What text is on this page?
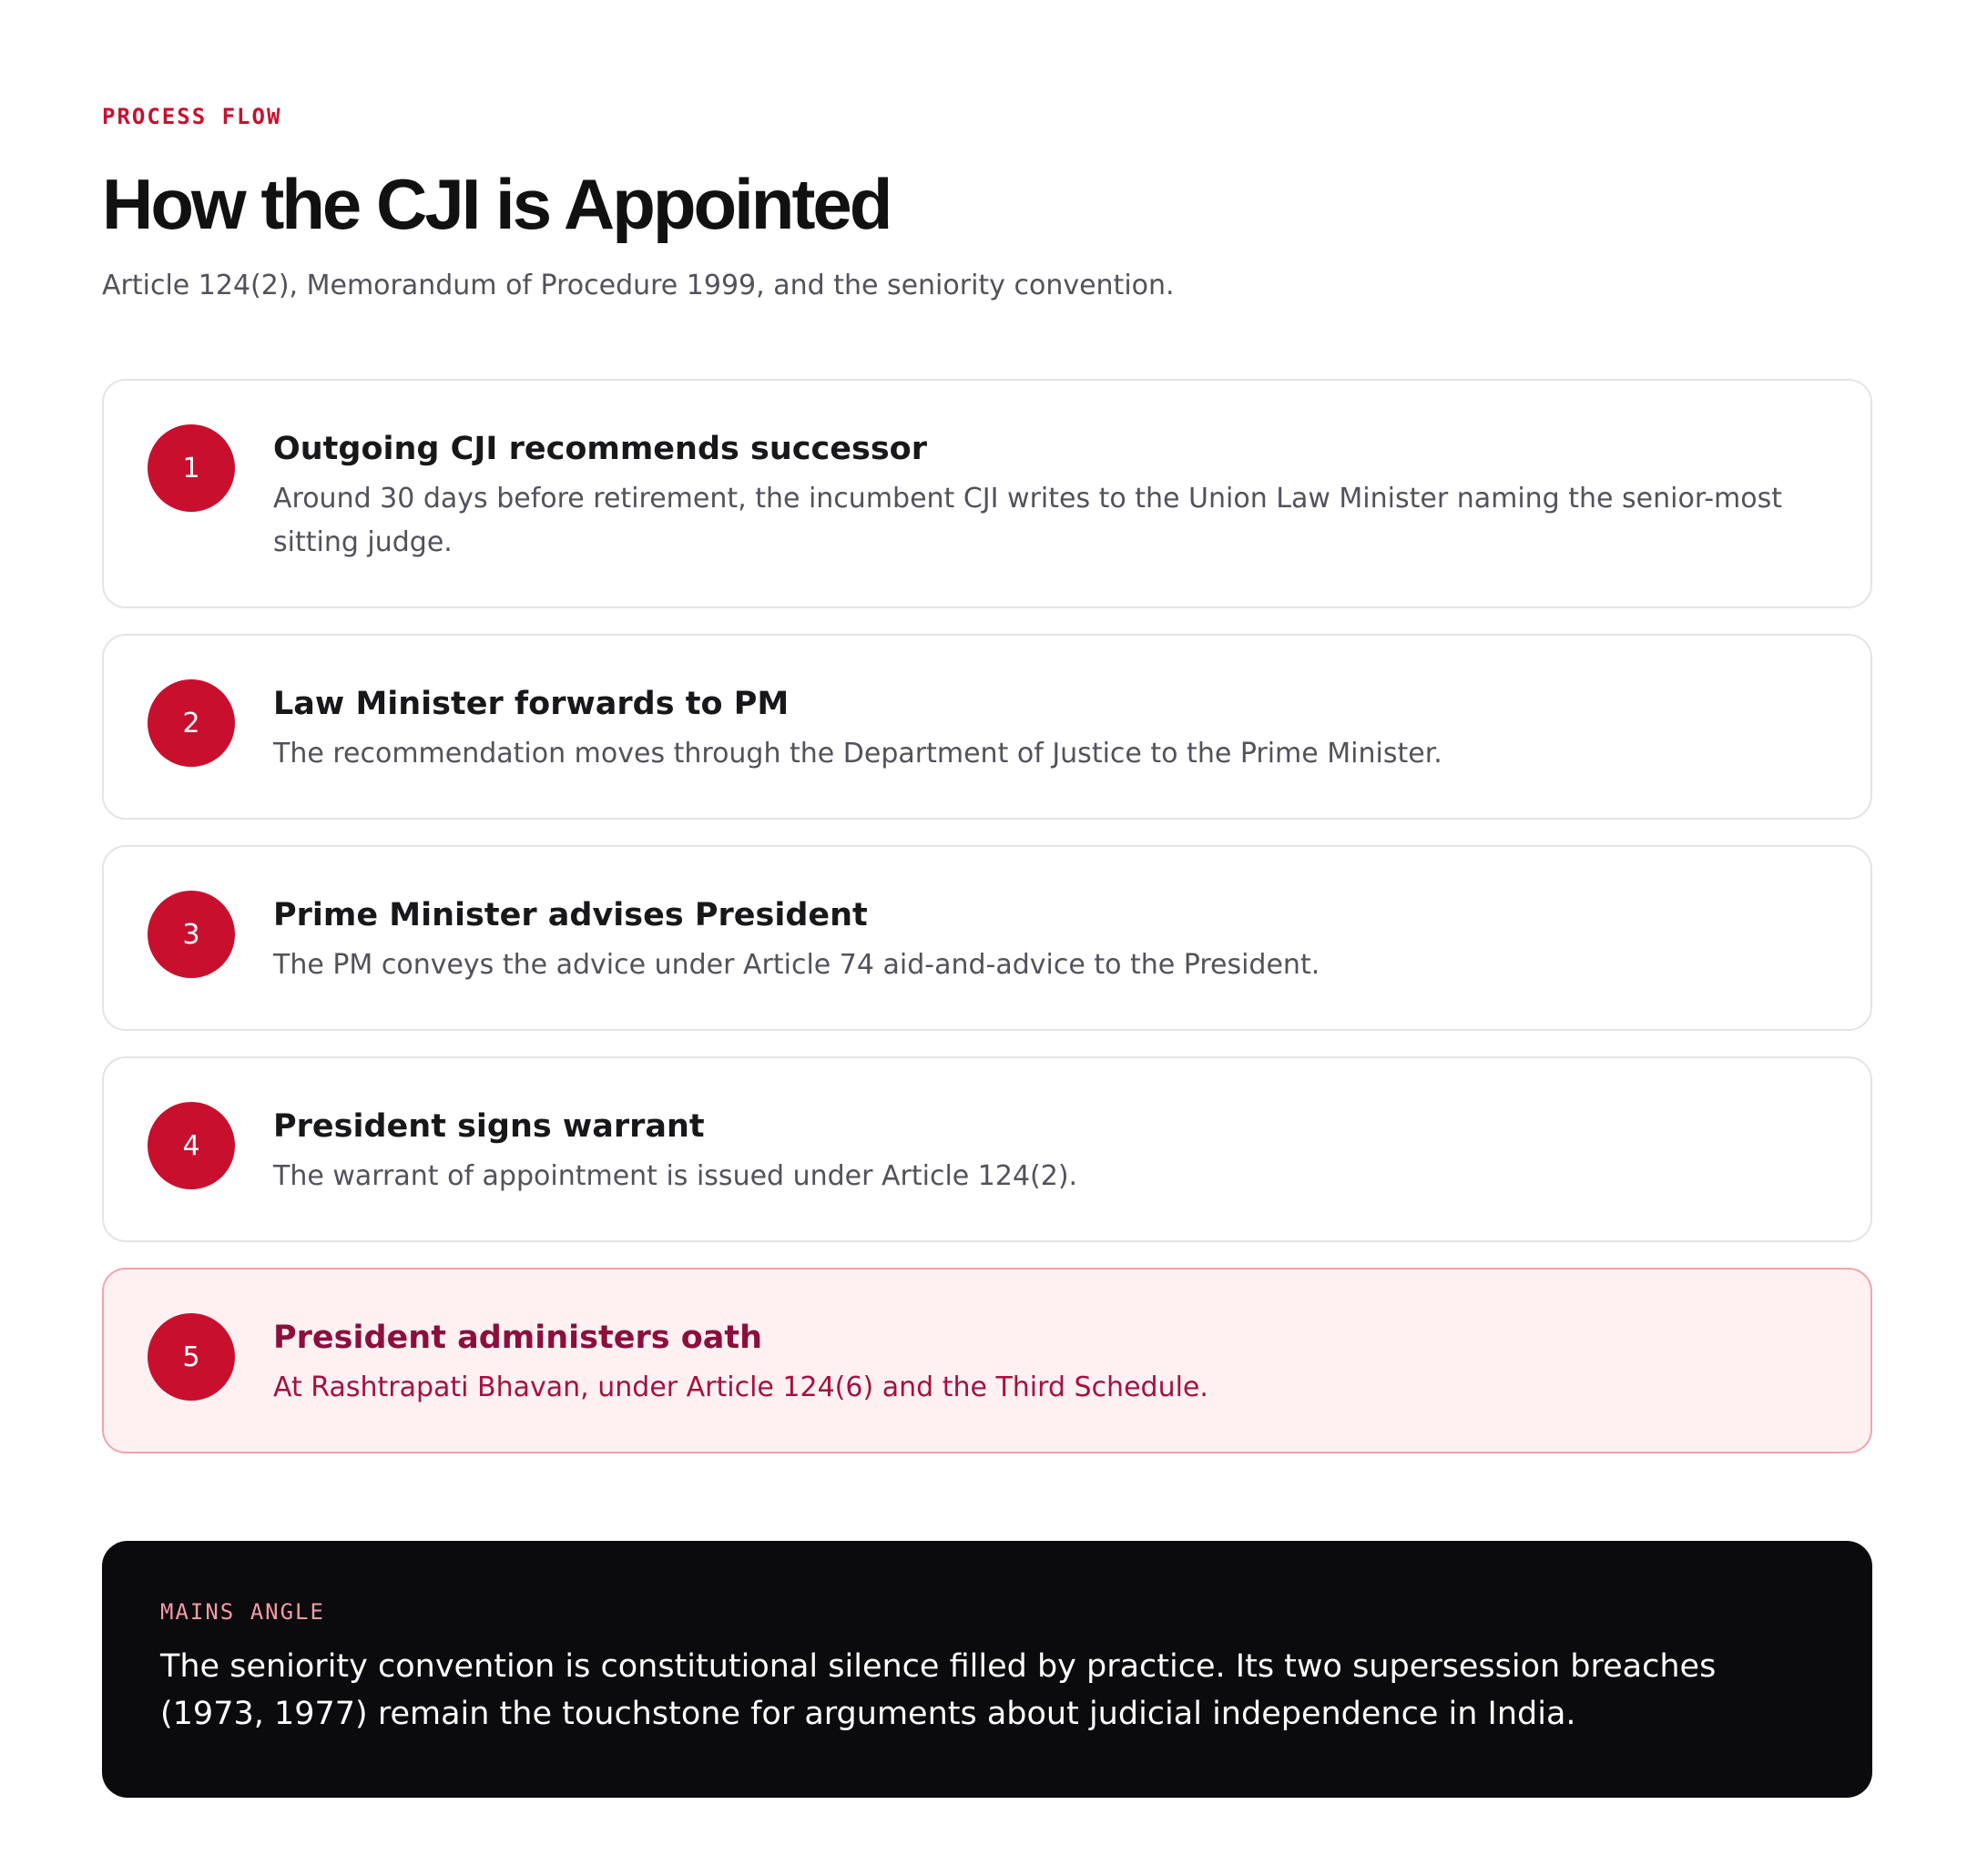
PROCESS FLOW
How the CJI is Appointed

Article 124(2), Memorandum of Procedure 1999, and the seniority convention.

1
Outgoing CJI recommends successor
Around 30 days before retirement, the incumbent CJI writes to the Union Law Minister naming the senior-most sitting judge.
2
Law Minister forwards to PM
The recommendation moves through the Department of Justice to the Prime Minister.
3
Prime Minister advises President
The PM conveys the advice under Article 74 aid-and-advice to the President.
4
President signs warrant
The warrant of appointment is issued under Article 124(2).
5
President administers oath
At Rashtrapati Bhavan, under Article 124(6) and the Third Schedule.
MAINS ANGLE
The seniority convention is constitutional silence filled by practice. Its two supersession breaches (1973, 1977) remain the touchstone for arguments about judicial independence in India.
